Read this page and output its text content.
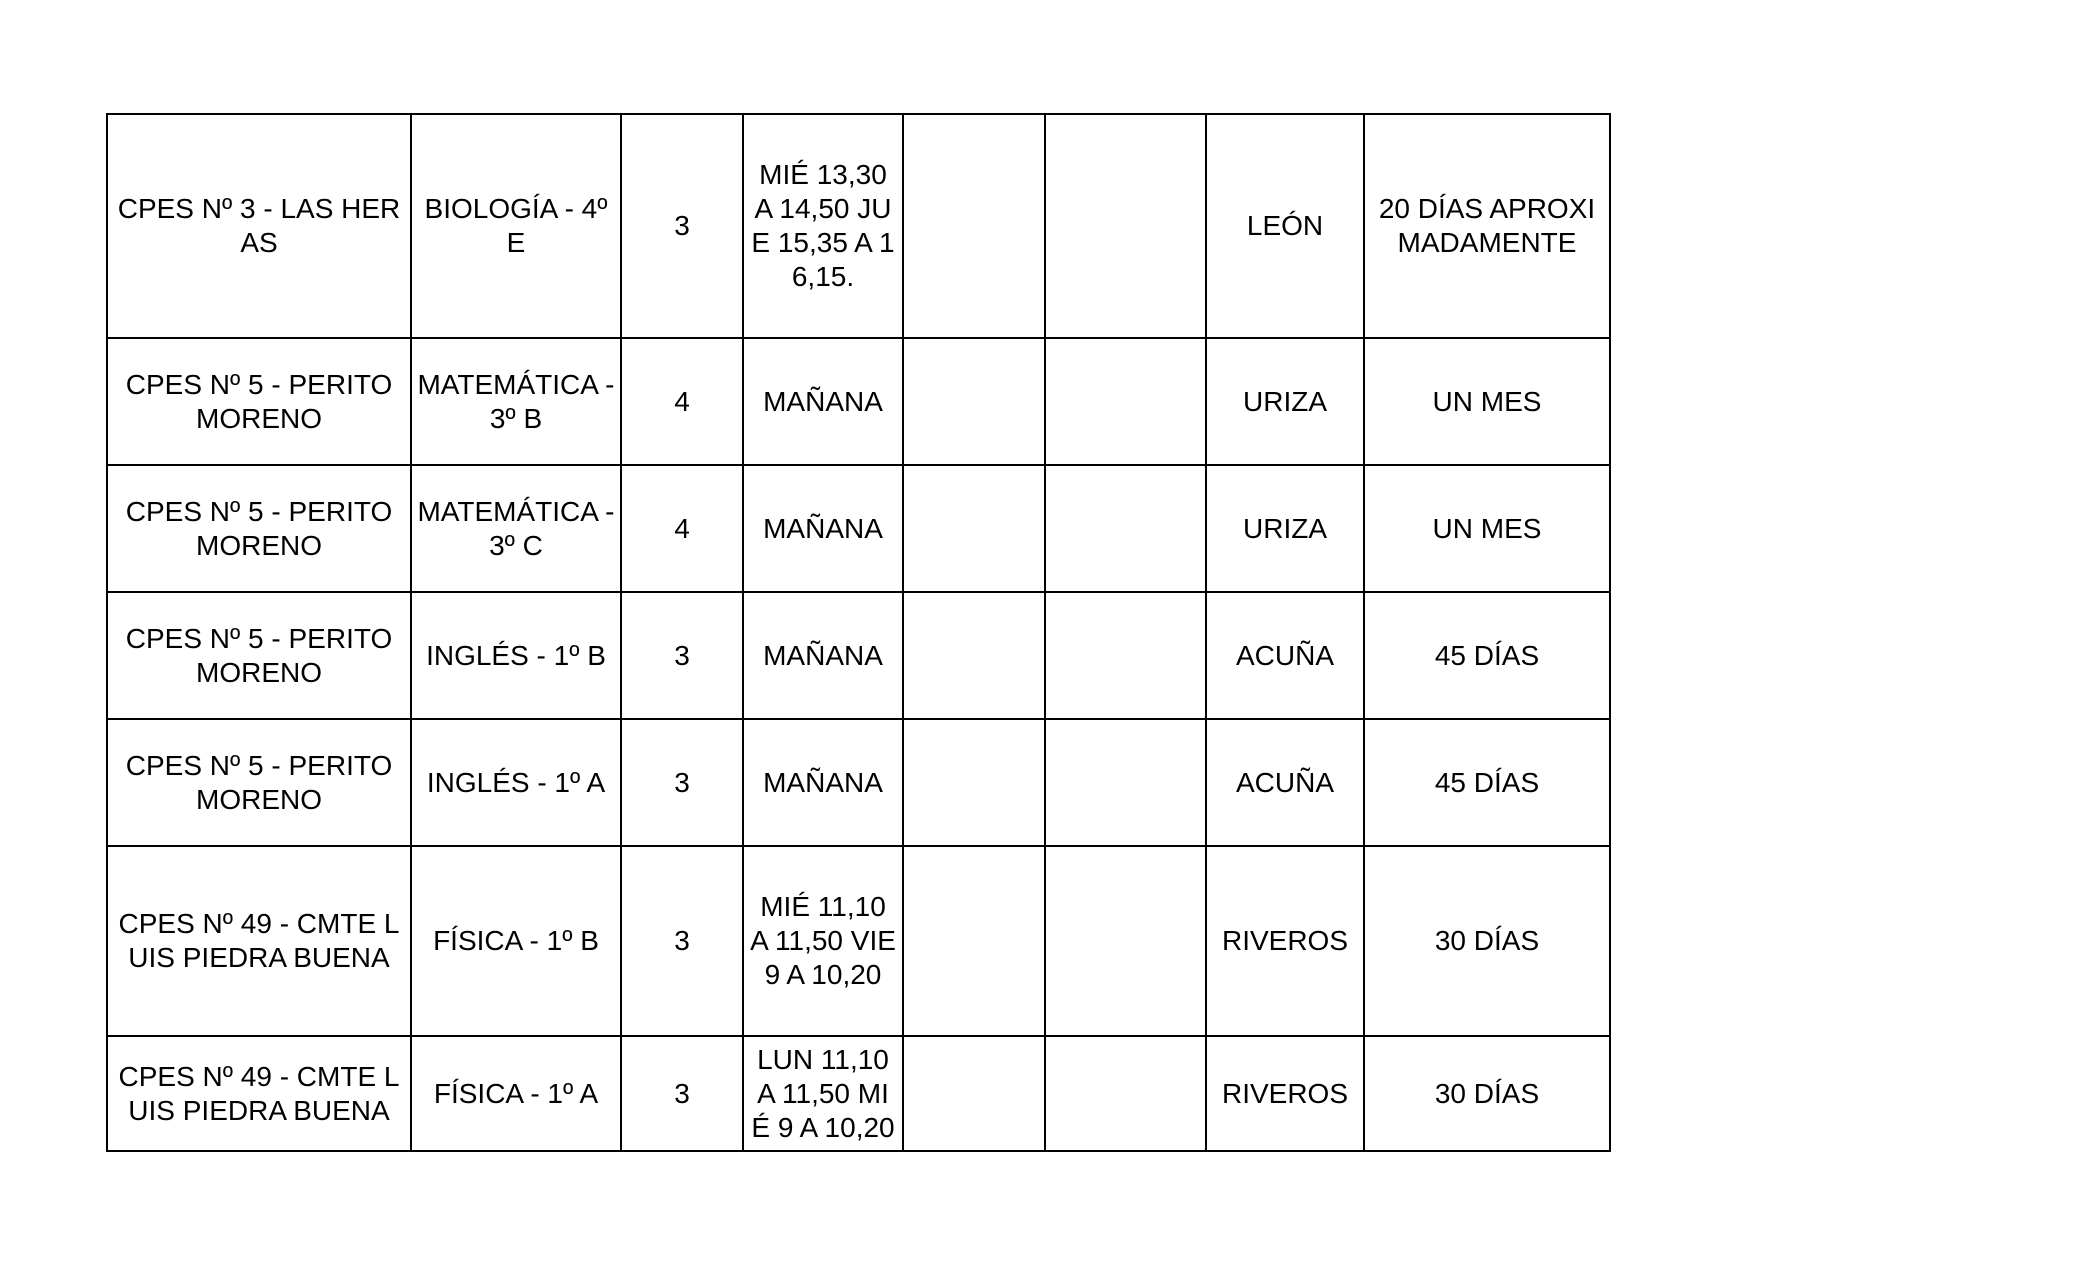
CPES Nº 3 - LAS HERAS	BIOLOGÍA - 4º E	3	MIÉ 13,30 A 14,50 JUE 15,35 A 16,15.			LEÓN	20 DÍAS APROXIMADAMENTE
CPES Nº 5 - PERITO MORENO	MATEMÁTICA - 3º B	4	MAÑANA			URIZA	UN MES
CPES Nº 5 - PERITO MORENO	MATEMÁTICA - 3º C	4	MAÑANA			URIZA	UN MES
CPES Nº 5 - PERITO MORENO	INGLÉS - 1º B	3	MAÑANA			ACUÑA	45 DÍAS
CPES Nº 5 - PERITO MORENO	INGLÉS - 1º A	3	MAÑANA			ACUÑA	45 DÍAS
CPES Nº 49 - CMTE LUIS PIEDRA BUENA	FÍSICA - 1º B	3	MIÉ 11,10 A 11,50 VIE 9 A 10,20			RIVEROS	30 DÍAS
CPES Nº 49 - CMTE LUIS PIEDRA BUENA	FÍSICA - 1º A	3	LUN 11,10 A 11,50 MIÉ 9 A 10,20			RIVEROS	30 DÍAS
